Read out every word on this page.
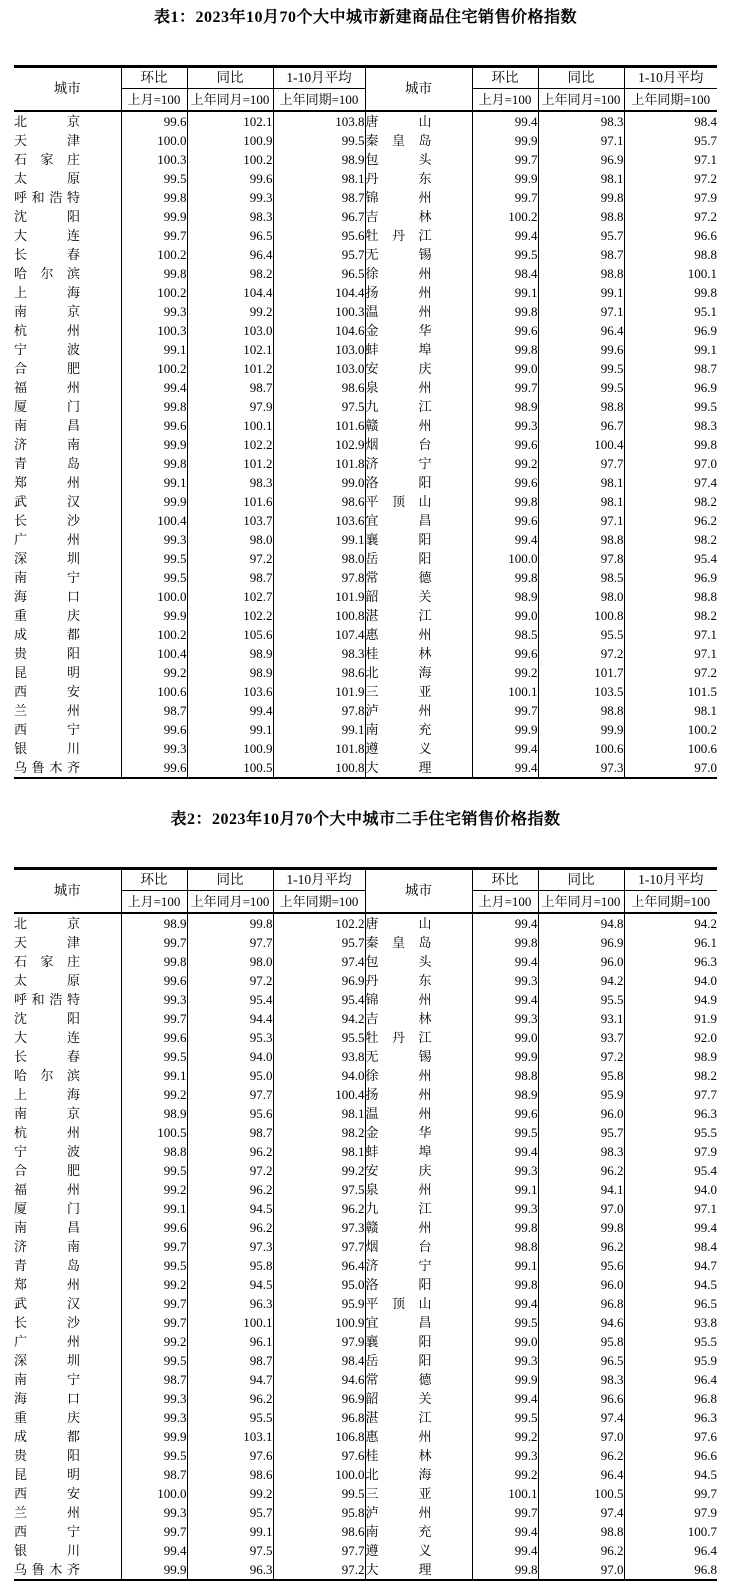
表1：2023年10月70个大中城市新建商品住宅销售价格指数
城市	环比	同比	1-10月平均	城市	环比	同比	1-10月平均
	上月=100	上年同月=100	上年同期=100		上月=100	上年同月=100	上年同期=100
北京	99.6	102.1	103.8	唐山	99.4	98.3	98.4
天津	100.0	100.9	99.5	秦皇岛	99.9	97.1	95.7
石家庄	100.3	100.2	98.9	包头	99.7	96.9	97.1
太原	99.5	99.6	98.1	丹东	99.9	98.1	97.2
呼和浩特	99.8	99.3	98.7	锦州	99.7	99.8	97.9
沈阳	99.9	98.3	96.7	吉林	100.2	98.8	97.2
大连	99.7	96.5	95.6	牡丹江	99.4	95.7	96.6
长春	100.2	96.4	95.7	无锡	99.5	98.7	98.8
哈尔滨	99.8	98.2	96.5	徐州	98.4	98.8	100.1
上海	100.2	104.4	104.4	扬州	99.1	99.1	99.8
南京	99.3	99.2	100.3	温州	99.8	97.1	95.1
杭州	100.3	103.0	104.6	金华	99.6	96.4	96.9
宁波	99.1	102.1	103.0	蚌埠	99.8	99.6	99.1
合肥	100.2	101.2	103.0	安庆	99.0	99.5	98.7
福州	99.4	98.7	98.6	泉州	99.7	99.5	96.9
厦门	99.8	97.9	97.5	九江	98.9	98.8	99.5
南昌	99.6	100.1	101.6	赣州	99.3	96.7	98.3
济南	99.9	102.2	102.9	烟台	99.6	100.4	99.8
青岛	99.8	101.2	101.8	济宁	99.2	97.7	97.0
郑州	99.1	98.3	99.0	洛阳	99.6	98.1	97.4
武汉	99.9	101.6	98.6	平顶山	99.8	98.1	98.2
长沙	100.4	103.7	103.6	宜昌	99.6	97.1	96.2
广州	99.3	98.0	99.1	襄阳	99.4	98.8	98.2
深圳	99.5	97.2	98.0	岳阳	100.0	97.8	95.4
南宁	99.5	98.7	97.8	常德	99.8	98.5	96.9
海口	100.0	102.7	101.9	韶关	98.9	98.0	98.8
重庆	99.9	102.2	100.8	湛江	99.0	100.8	98.2
成都	100.2	105.6	107.4	惠州	98.5	95.5	97.1
贵阳	100.4	98.9	98.3	桂林	99.6	97.2	97.1
昆明	99.2	98.9	98.6	北海	99.2	101.7	97.2
西安	100.6	103.6	101.9	三亚	100.1	103.5	101.5
兰州	98.7	99.4	97.8	泸州	99.7	98.8	98.1
西宁	99.6	99.1	99.1	南充	99.9	99.9	100.2
银川	99.3	100.9	101.8	遵义	99.4	100.6	100.6
乌鲁木齐	99.6	100.5	100.8	大理	99.4	97.3	97.0
表2：2023年10月70个大中城市二手住宅销售价格指数
城市	环比	同比	1-10月平均	城市	环比	同比	1-10月平均
	上月=100	上年同月=100	上年同期=100		上月=100	上年同月=100	上年同期=100
北京	98.9	99.8	102.2	唐山	99.4	94.8	94.2
天津	99.7	97.7	95.7	秦皇岛	99.8	96.9	96.1
石家庄	99.8	98.0	97.4	包头	99.4	96.0	96.3
太原	99.6	97.2	96.9	丹东	99.3	94.2	94.0
呼和浩特	99.3	95.4	95.4	锦州	99.4	95.5	94.9
沈阳	99.7	94.4	94.2	吉林	99.3	93.1	91.9
大连	99.6	95.3	95.5	牡丹江	99.0	93.7	92.0
长春	99.5	94.0	93.8	无锡	99.9	97.2	98.9
哈尔滨	99.1	95.0	94.0	徐州	98.8	95.8	98.2
上海	99.2	97.7	100.4	扬州	98.9	95.9	97.7
南京	98.9	95.6	98.1	温州	99.6	96.0	96.3
杭州	100.5	98.7	98.2	金华	99.5	95.7	95.5
宁波	98.8	96.2	98.1	蚌埠	99.4	98.3	97.9
合肥	99.5	97.2	99.2	安庆	99.3	96.2	95.4
福州	99.2	96.2	97.5	泉州	99.1	94.1	94.0
厦门	99.1	94.5	96.2	九江	99.3	97.0	97.1
南昌	99.6	96.2	97.3	赣州	99.8	99.8	99.4
济南	99.7	97.3	97.7	烟台	98.8	96.2	98.4
青岛	99.5	95.8	96.4	济宁	99.1	95.6	94.7
郑州	99.2	94.5	95.0	洛阳	99.8	96.0	94.5
武汉	99.7	96.3	95.9	平顶山	99.4	96.8	96.5
长沙	99.7	100.1	100.9	宜昌	99.5	94.6	93.8
广州	99.2	96.1	97.9	襄阳	99.0	95.8	95.5
深圳	99.5	98.7	98.4	岳阳	99.3	96.5	95.9
南宁	98.7	94.7	94.6	常德	99.9	98.3	96.4
海口	99.3	96.2	96.9	韶关	99.4	96.6	96.8
重庆	99.3	95.5	96.8	湛江	99.5	97.4	96.3
成都	99.9	103.1	106.8	惠州	99.2	97.0	97.6
贵阳	99.5	97.6	97.6	桂林	99.3	96.2	96.6
昆明	98.7	98.6	100.0	北海	99.2	96.4	94.5
西安	100.0	99.2	99.5	三亚	100.1	100.5	99.7
兰州	99.3	95.7	95.8	泸州	99.7	97.4	97.9
西宁	99.7	99.1	98.6	南充	99.4	98.8	100.7
银川	99.4	97.5	97.7	遵义	99.4	96.2	96.4
乌鲁木齐	99.9	96.3	97.2	大理	99.8	97.0	96.8
